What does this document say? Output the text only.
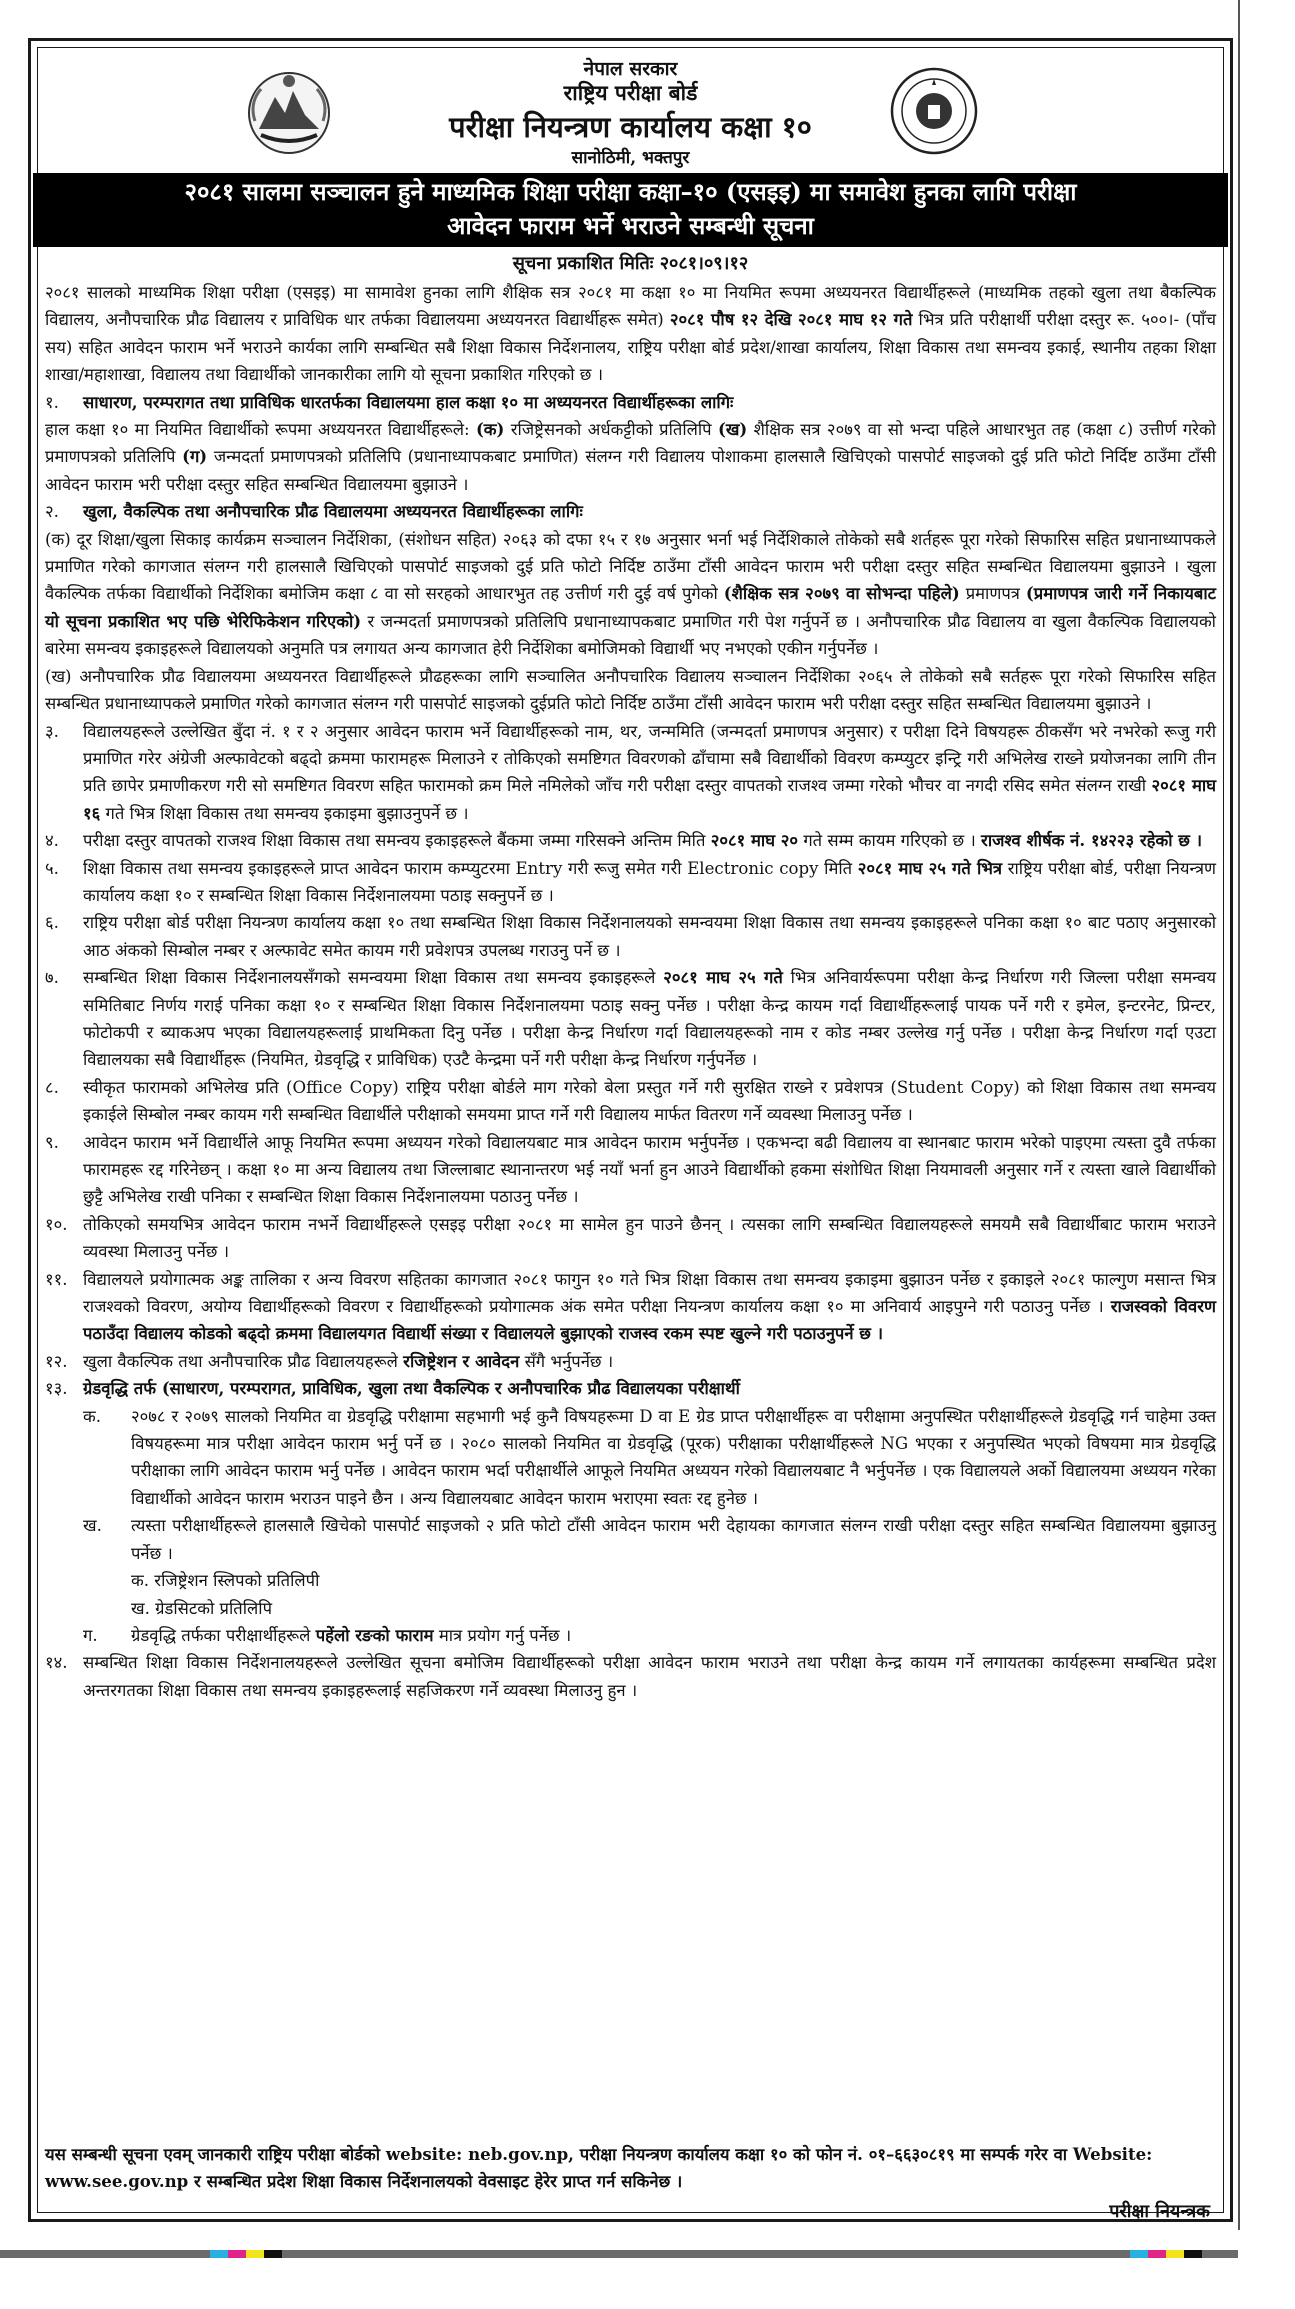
नेपाल सरकार
राष्ट्रिय परीक्षा बोर्ड
परीक्षा नियन्त्रण कार्यालय कक्षा १०
सानोठिमी, भक्तपुर
२०८१ सालमा सञ्चालन हुने माध्यमिक शिक्षा परीक्षा कक्षा–१० (एसइइ) मा समावेश हुनका लागि परीक्षा
आवेदन फाराम भर्ने भराउने सम्बन्धी सूचना
सूचना प्रकाशित मितिः २०८१।०९।१२

२०८१ सालको माध्यमिक शिक्षा परीक्षा (एसइइ) मा सामावेश हुनका लागि शैक्षिक सत्र २०८१ मा कक्षा १० मा नियमित रूपमा अध्ययनरत विद्यार्थीहरूले (माध्यमिक तहको खुला तथा बैकल्पिक विद्यालय, अनौपचारिक प्रौढ विद्यालय र प्राविधिक धार तर्फका विद्यालयमा अध्ययनरत विद्यार्थीहरू समेत) २०८१ पौष १२ देखि २०८१ माघ १२ गते भित्र प्रति परीक्षार्थी परीक्षा दस्तुर रू. ५००।- (पाँच सय) सहित आवेदन फाराम भर्ने भराउने कार्यका लागि सम्बन्धित सबै शिक्षा विकास निर्देशनालय, राष्ट्रिय परीक्षा बोर्ड प्रदेश/शाखा कार्यालय, शिक्षा विकास तथा समन्वय इकाई, स्थानीय तहका शिक्षा शाखा/महाशाखा, विद्यालय तथा विद्यार्थीको जानकारीका लागि यो सूचना प्रकाशित गरिएको छ ।

१.	साधारण, परम्परागत तथा प्राविधिक धारतर्फका विद्यालयमा हाल कक्षा १० मा अध्ययनरत विद्यार्थीहरूका लागिः

हाल कक्षा १० मा नियमित विद्यार्थीको रूपमा अध्ययनरत विद्यार्थीहरूले: (क) रजिष्ट्रेसनको अर्धकट्टीको प्रतिलिपि (ख) शैक्षिक सत्र २०७९ वा सो भन्दा पहिले आधारभुत तह (कक्षा ८) उत्तीर्ण गरेको प्रमाणपत्रको प्रतिलिपि (ग) जन्मदर्ता प्रमाणपत्रको प्रतिलिपि (प्रधानाध्यापकबाट प्रमाणित) संलग्न गरी विद्यालय पोशाकमा हालसालै खिचिएको पासपोर्ट साइजको दुई प्रति फोटो निर्दिष्ट ठाउँमा टाँसी आवेदन फाराम भरी परीक्षा दस्तुर सहित सम्बन्धित विद्यालयमा बुझाउने ।

२.	खुला, वैकल्पिक तथा अनौपचारिक प्रौढ विद्यालयमा अध्ययनरत विद्यार्थीहरूका लागिः

(क) दूर शिक्षा/खुला सिकाइ कार्यक्रम सञ्चालन निर्देशिका, (संशोधन सहित) २०६३ को दफा १५ र १७ अनुसार भर्ना भई निर्देशिकाले तोकेको सबै शर्तहरू पूरा गरेको सिफारिस सहित प्रधानाध्यापकले प्रमाणित गरेको कागजात संलग्न गरी हालसालै खिचिएको पासपोर्ट साइजको दुई प्रति फोटो निर्दिष्ट ठाउँमा टाँसी आवेदन फाराम भरी परीक्षा दस्तुर सहित सम्बन्धित विद्यालयमा बुझाउने । खुला वैकल्पिक तर्फका विद्यार्थीको निर्देशिका बमोजिम कक्षा ८ वा सो सरहको आधारभुत तह उत्तीर्ण गरी दुई वर्ष पुगेको (शैक्षिक सत्र २०७९ वा सोभन्दा पहिले) प्रमाणपत्र (प्रमाणपत्र जारी गर्ने निकायबाट यो सूचना प्रकाशित भए पछि भेरिफिकेशन गरिएको) र जन्मदर्ता प्रमाणपत्रको प्रतिलिपि प्रधानाध्यापकबाट प्रमाणित गरी पेश गर्नुपर्ने छ । अनौपचारिक प्रौढ विद्यालय वा खुला वैकल्पिक विद्यालयको बारेमा समन्वय इकाइहरूले विद्यालयको अनुमति पत्र लगायत अन्य कागजात हेरी निर्देशिका बमोजिमको विद्यार्थी भए नभएको एकीन गर्नुपर्नेछ ।

(ख) अनौपचारिक प्रौढ विद्यालयमा अध्ययनरत विद्यार्थीहरूले प्रौढहरूका लागि सञ्चालित अनौपचारिक विद्यालय सञ्चालन निर्देशिका २०६५ ले तोकेको सबै सर्तहरू पूरा गरेको सिफारिस सहित सम्बन्धित प्रधानाध्यापकले प्रमाणित गरेको कागजात संलग्न गरी पासपोर्ट साइजको दुईप्रति फोटो निर्दिष्ट ठाउँमा टाँसी आवेदन फाराम भरी परीक्षा दस्तुर सहित सम्बन्धित विद्यालयमा बुझाउने ।

३.	विद्यालयहरूले उल्लेखित बुँदा नं. १ र २ अनुसार आवेदन फाराम भर्ने विद्यार्थीहरूको नाम, थर, जन्ममिति (जन्मदर्ता प्रमाणपत्र अनुसार) र परीक्षा दिने विषयहरू ठीकसँग भरे नभरेको रूजु गरी प्रमाणित गरेर अंग्रेजी अल्फावेटको बढ्दो क्रममा फारामहरू मिलाउने र तोकिएको समष्टिगत विवरणको ढाँचामा सबै विद्यार्थीको विवरण कम्प्युटर इन्ट्रि गरी अभिलेख राख्ने प्रयोजनका लागि तीन प्रति छापेर प्रमाणीकरण गरी सो समष्टिगत विवरण सहित फारामको क्रम मिले नमिलेको जाँच गरी परीक्षा दस्तुर वापतको राजश्व जम्मा गरेको भौचर वा नगदी रसिद समेत संलग्न राखी २०८१ माघ १६ गते भित्र शिक्षा विकास तथा समन्वय इकाइमा बुझाउनुपर्ने छ ।
४.	परीक्षा दस्तुर वापतको राजश्व शिक्षा विकास तथा समन्वय इकाइहरूले बैंकमा जम्मा गरिसक्ने अन्तिम मिति २०८१ माघ २० गते सम्म कायम गरिएको छ । राजश्व शीर्षक नं. १४२२३ रहेको छ ।
५.	शिक्षा विकास तथा समन्वय इकाइहरूले प्राप्त आवेदन फाराम कम्प्युटरमा Entry गरी रूजु समेत गरी Electronic copy मिति २०८१ माघ २५ गते भित्र राष्ट्रिय परीक्षा बोर्ड, परीक्षा नियन्त्रण कार्यालय कक्षा १० र सम्बन्धित शिक्षा विकास निर्देशनालयमा पठाइ सक्नुपर्ने छ ।
६.	राष्ट्रिय परीक्षा बोर्ड परीक्षा नियन्त्रण कार्यालय कक्षा १० तथा सम्बन्धित शिक्षा विकास निर्देशनालयको समन्वयमा शिक्षा विकास तथा समन्वय इकाइहरूले पनिका कक्षा १० बाट पठाए अनुसारको आठ अंकको सिम्बोल नम्बर र अल्फावेट समेत कायम गरी प्रवेशपत्र उपलब्ध गराउनु पर्ने छ ।
७.	सम्बन्धित शिक्षा विकास निर्देशनालयसँगको समन्वयमा शिक्षा विकास तथा समन्वय इकाइहरूले २०८१ माघ २५ गते भित्र अनिवार्यरूपमा परीक्षा केन्द्र निर्धारण गरी जिल्ला परीक्षा समन्वय समितिबाट निर्णय गराई पनिका कक्षा १० र सम्बन्धित शिक्षा विकास निर्देशनालयमा पठाइ सक्नु पर्नेछ । परीक्षा केन्द्र कायम गर्दा विद्यार्थीहरूलाई पायक पर्ने गरी र इमेल, इन्टरनेट, प्रिन्टर, फोटोकपी र ब्याकअप भएका विद्यालयहरूलाई प्राथमिकता दिनु पर्नेछ । परीक्षा केन्द्र निर्धारण गर्दा विद्यालयहरूको नाम र कोड नम्बर उल्लेख गर्नु पर्नेछ । परीक्षा केन्द्र निर्धारण गर्दा एउटा विद्यालयका सबै विद्यार्थीहरू (नियमित, ग्रेडवृद्धि र प्राविधिक) एउटै केन्द्रमा पर्ने गरी परीक्षा केन्द्र निर्धारण गर्नुपर्नेछ ।
८.	स्वीकृत फारामको अभिलेख प्रति (Office Copy) राष्ट्रिय परीक्षा बोर्डले माग गरेको बेला प्रस्तुत गर्ने गरी सुरक्षित राख्ने र प्रवेशपत्र (Student Copy) को शिक्षा विकास तथा समन्वय इकाईले सिम्बोल नम्बर कायम गरी सम्बन्धित विद्यार्थीले परीक्षाको समयमा प्राप्त गर्ने गरी विद्यालय मार्फत वितरण गर्ने व्यवस्था मिलाउनु पर्नेछ ।
९.	आवेदन फाराम भर्ने विद्यार्थीले आफू नियमित रूपमा अध्ययन गरेको विद्यालयबाट मात्र आवेदन फाराम भर्नुपर्नेछ । एकभन्दा बढी विद्यालय वा स्थानबाट फाराम भरेको पाइएमा त्यस्ता दुवै तर्फका फारामहरू रद्द गरिनेछन् । कक्षा १० मा अन्य विद्यालय तथा जिल्लाबाट स्थानान्तरण भई नयाँ भर्ना हुन आउने विद्यार्थीको हकमा संशोधित शिक्षा नियमावली अनुसार गर्ने र त्यस्ता खाले विद्यार्थीको छुट्टै अभिलेख राखी पनिका र सम्बन्धित शिक्षा विकास निर्देशनालयमा पठाउनु पर्नेछ ।
१०. तोकिएको समयभित्र आवेदन फाराम नभर्ने विद्यार्थीहरूले एसइइ परीक्षा २०८१ मा सामेल हुन पाउने छैनन् । त्यसका लागि सम्बन्धित विद्यालयहरूले समयमै सबै विद्यार्थीबाट फाराम भराउने व्यवस्था मिलाउनु पर्नेछ ।
११. विद्यालयले प्रयोगात्मक अङ्क तालिका र अन्य विवरण सहितका कागजात २०८१ फागुन १० गते भित्र शिक्षा विकास तथा समन्वय इकाइमा बुझाउन पर्नेछ र इकाइले २०८१ फाल्गुण मसान्त भित्र राजश्वको विवरण, अयोग्य विद्यार्थीहरूको विवरण र विद्यार्थीहरूको प्रयोगात्मक अंक समेत परीक्षा नियन्त्रण कार्यालय कक्षा १० मा अनिवार्य आइपुग्ने गरी पठाउनु पर्नेछ । राजस्वको विवरण पठाउँदा विद्यालय कोडको बढ्दो क्रममा विद्यालयगत विद्यार्थी संख्या र विद्यालयले बुझाएको राजस्व रकम स्पष्ट खुल्ने गरी पठाउनुपर्ने छ ।
१२. खुला वैकल्पिक तथा अनौपचारिक प्रौढ विद्यालयहरूले रजिष्ट्रेशन र आवेदन सँगै भर्नुपर्नेछ ।
१३. ग्रेडवृद्धि तर्फ (साधारण, परम्परागत, प्राविधिक, खुला तथा वैकल्पिक र अनौपचारिक प्रौढ विद्यालयका परीक्षार्थी
क.	२०७८ र २०७९ सालको नियमित वा ग्रेडवृद्धि परीक्षामा सहभागी भई कुनै विषयहरूमा D वा E ग्रेड प्राप्त परीक्षार्थीहरू वा परीक्षामा अनुपस्थित परीक्षार्थीहरूले ग्रेडवृद्धि गर्न चाहेमा उक्त विषयहरूमा मात्र परीक्षा आवेदन फाराम भर्नु पर्ने छ । २०८० सालको नियमित वा ग्रेडवृद्धि (पूरक) परीक्षाका परीक्षार्थीहरूले NG भएका र अनुपस्थित भएको विषयमा मात्र ग्रेडवृद्धि परीक्षाका लागि आवेदन फाराम भर्नु पर्नेछ । आवेदन फाराम भर्दा परीक्षार्थीले आफूले नियमित अध्ययन गरेको विद्यालयबाट नै भर्नुपर्नेछ । एक विद्यालयले अर्को विद्यालयमा अध्ययन गरेका विद्यार्थीको आवेदन फाराम भराउन पाइने छैन । अन्य विद्यालयबाट आवेदन फाराम भराएमा स्वतः रद्द हुनेछ ।
ख.	त्यस्ता परीक्षार्थीहरूले हालसालै खिचेको पासपोर्ट साइजको २ प्रति फोटो टाँसी आवेदन फाराम भरी देहायका कागजात संलग्न राखी परीक्षा दस्तुर सहित सम्बन्धित विद्यालयमा बुझाउनु पर्नेछ ।

क. रजिष्ट्रेशन स्लिपको प्रतिलिपी

ख. ग्रेडसिटको प्रतिलिपि

ग.	ग्रेडवृद्धि तर्फका परीक्षार्थीहरूले पहेंलो रङको फाराम मात्र प्रयोग गर्नु पर्नेछ ।
१४. सम्बन्धित शिक्षा विकास निर्देशनालयहरूले उल्लेखित सूचना बमोजिम विद्यार्थीहरूको परीक्षा आवेदन फाराम भराउने तथा परीक्षा केन्द्र कायम गर्ने लगायतका कार्यहरूमा सम्बन्धित प्रदेश अन्तरगतका शिक्षा विकास तथा समन्वय इकाइहरूलाई सहजिकरण गर्ने व्यवस्था मिलाउनु हुन ।
यस सम्बन्धी सूचना एवम् जानकारी राष्ट्रिय परीक्षा बोर्डको website: neb.gov.np, परीक्षा नियन्त्रण कार्यालय कक्षा १० को फोन नं. ०१–६६३०८१९ मा सम्पर्क गरेर वा Website: www.see.gov.np र सम्बन्धित प्रदेश शिक्षा विकास निर्देशनालयको वेवसाइट हेरेर प्राप्त गर्न सकिनेछ ।
परीक्षा नियन्त्रक
